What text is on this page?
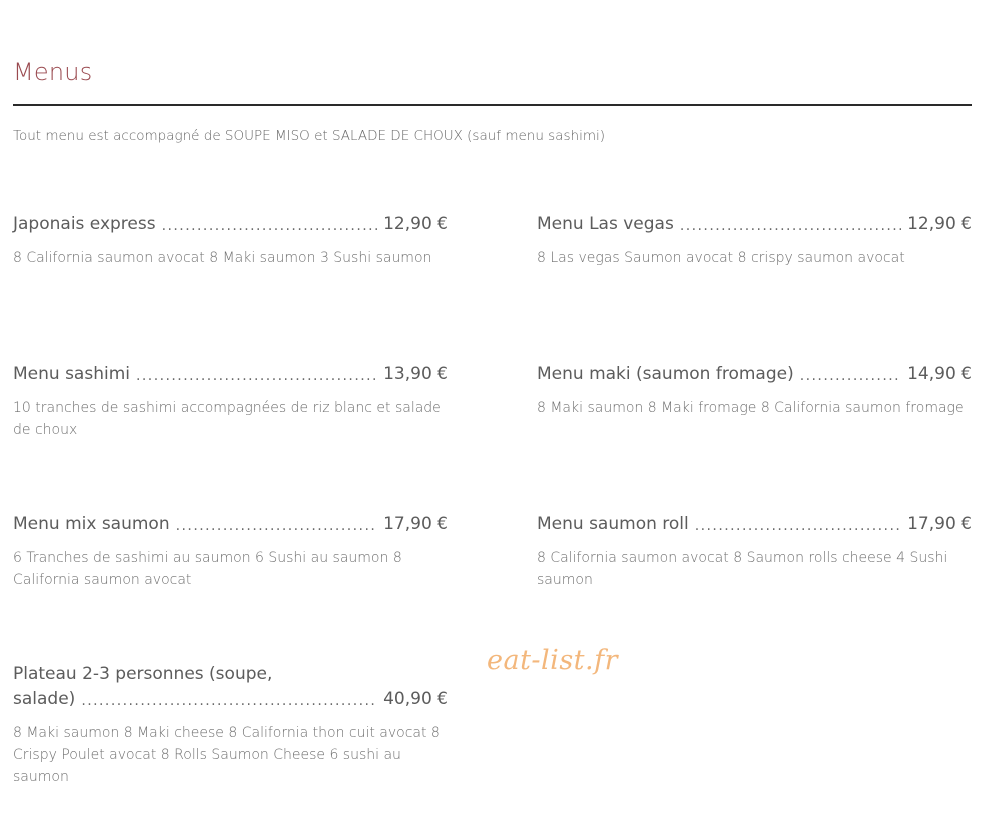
Menus
Tout menu est accompagné de SOUPE MISO et SALADE DE CHOUX (sauf menu sashimi)
Japonais express . . .	12,90 €
8 California saumon avocat 8 Maki saumon 3 Sushi saumon
Menu Las vegas . . .	12,90 €
8 Las vegas Saumon avocat 8 crispy saumon avocat
Menu sashimi . . .	13,90 €
10 tranches de sashimi accompagnées de riz blanc et salade de choux
Menu maki (saumon fromage) . . .	14,90 €
8 Maki saumon 8 Maki fromage 8 California saumon fromage
Menu mix saumon . . .	17,90 €
6 Tranches de sashimi au saumon 6 Sushi au saumon 8 California saumon avocat
Menu saumon roll . . .	17,90 €
8 California saumon avocat 8 Saumon rolls cheese 4 Sushi saumon
Plateau 2-3 personnes (soupe,
salade) . . .	40,90 €
8 Maki saumon 8 Maki cheese 8 California thon cuit avocat 8 Crispy Poulet avocat 8 Rolls Saumon Cheese 6 sushi au saumon
eat-list.fr
